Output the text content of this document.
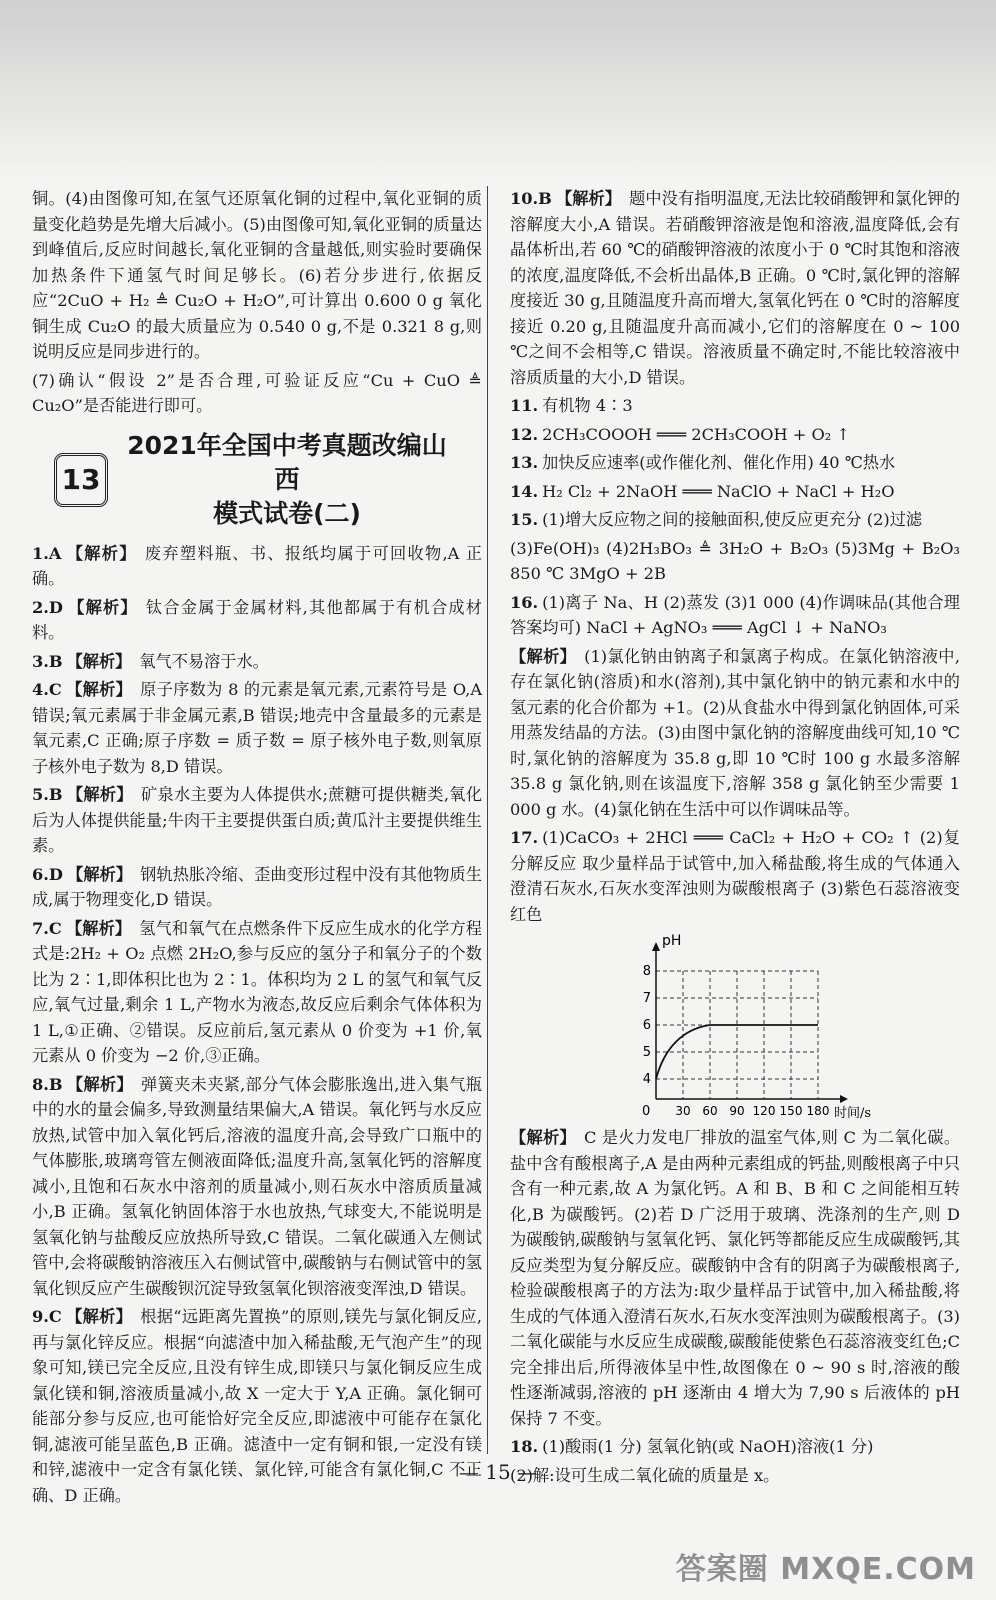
铜。(4)由图像可知,在氢气还原氧化铜的过程中,氧化亚铜的质量变化趋势是先增大后减小。(5)由图像可知,氧化亚铜的质量达到峰值后,反应时间越长,氧化亚铜的含量越低,则实验时要确保加热条件下通氢气时间足够长。(6)若分步进行,依据反应“2CuO + H₂ ≜ Cu₂O + H₂O”,可计算出 0.600 0 g 氧化铜生成 Cu₂O 的最大质量应为 0.540 0 g,不是 0.321 8 g,则说明反应是同步进行的。

(7)确认“假设 2”是否合理,可验证反应“Cu + CuO ≜ Cu₂O”是否能进行即可。

13
2021年全国中考真题改编山西
模式试卷(二)

1.A 【解析】 废弃塑料瓶、书、报纸均属于可回收物,A 正确。

2.D 【解析】 钛合金属于金属材料,其他都属于有机合成材料。

3.B 【解析】 氧气不易溶于水。

4.C 【解析】 原子序数为 8 的元素是氧元素,元素符号是 O,A 错误;氧元素属于非金属元素,B 错误;地壳中含量最多的元素是氧元素,C 正确;原子序数 = 质子数 = 原子核外电子数,则氧原子核外电子数为 8,D 错误。

5.B 【解析】 矿泉水主要为人体提供水;蔗糖可提供糖类,氧化后为人体提供能量;牛肉干主要提供蛋白质;黄瓜汁主要提供维生素。

6.D 【解析】 钢轨热胀冷缩、歪曲变形过程中没有其他物质生成,属于物理变化,D 错误。

7.C 【解析】 氢气和氧气在点燃条件下反应生成水的化学方程式是:2H₂ + O₂ 点燃 2H₂O,参与反应的氢分子和氧分子的个数比为 2∶1,即体积比也为 2∶1。体积均为 2 L 的氢气和氧气反应,氧气过量,剩余 1 L,产物水为液态,故反应后剩余气体体积为 1 L,①正确、②错误。反应前后,氢元素从 0 价变为 +1 价,氧元素从 0 价变为 −2 价,③正确。

8.B 【解析】 弹簧夹未夹紧,部分气体会膨胀逸出,进入集气瓶中的水的量会偏多,导致测量结果偏大,A 错误。氧化钙与水反应放热,试管中加入氧化钙后,溶液的温度升高,会导致广口瓶中的气体膨胀,玻璃弯管左侧液面降低;温度升高,氢氧化钙的溶解度减小,且饱和石灰水中溶剂的质量减小,则石灰水中溶质质量减小,B 正确。氢氧化钠固体溶于水也放热,气球变大,不能说明是氢氧化钠与盐酸反应放热所导致,C 错误。二氧化碳通入左侧试管中,会将碳酸钠溶液压入右侧试管中,碳酸钠与右侧试管中的氢氧化钡反应产生碳酸钡沉淀导致氢氧化钡溶液变浑浊,D 错误。

9.C 【解析】 根据“远距离先置换”的原则,镁先与氯化铜反应,再与氯化锌反应。根据“向滤渣中加入稀盐酸,无气泡产生”的现象可知,镁已完全反应,且没有锌生成,即镁只与氯化铜反应生成氯化镁和铜,溶液质量减小,故 X 一定大于 Y,A 正确。氯化铜可能部分参与反应,也可能恰好完全反应,即滤液中可能存在氯化铜,滤液可能呈蓝色,B 正确。滤渣中一定有铜和银,一定没有镁和锌,滤液中一定含有氯化镁、氯化锌,可能含有氯化铜,C 不正确、D 正确。

10.B 【解析】 题中没有指明温度,无法比较硝酸钾和氯化钾的溶解度大小,A 错误。若硝酸钾溶液是饱和溶液,温度降低,会有晶体析出,若 60 ℃的硝酸钾溶液的浓度小于 0 ℃时其饱和溶液的浓度,温度降低,不会析出晶体,B 正确。0 ℃时,氯化钾的溶解度接近 30 g,且随温度升高而增大,氢氧化钙在 0 ℃时的溶解度接近 0.20 g,且随温度升高而减小,它们的溶解度在 0 ~ 100 ℃之间不会相等,C 错误。溶液质量不确定时,不能比较溶液中溶质质量的大小,D 错误。

11. 有机物 4∶3

12. 2CH₃COOOH ═══ 2CH₃COOH + O₂ ↑

13. 加快反应速率(或作催化剂、催化作用) 40 ℃热水

14. H₂ Cl₂ + 2NaOH ═══ NaClO + NaCl + H₂O

15. (1)增大反应物之间的接触面积,使反应更充分 (2)过滤

(3)Fe(OH)₃ (4)2H₃BO₃ ≜ 3H₂O + B₂O₃ (5)3Mg + B₂O₃ 850 ℃ 3MgO + 2B

16. (1)离子 Na、H (2)蒸发 (3)1 000 (4)作调味品(其他合理答案均可) NaCl + AgNO₃ ═══ AgCl ↓ + NaNO₃

【解析】 (1)氯化钠由钠离子和氯离子构成。在氯化钠溶液中,存在氯化钠(溶质)和水(溶剂),其中氯化钠中的钠元素和水中的氢元素的化合价都为 +1。(2)从食盐水中得到氯化钠固体,可采用蒸发结晶的方法。(3)由图中氯化钠的溶解度曲线可知,10 ℃时,氯化钠的溶解度为 35.8 g,即 10 ℃时 100 g 水最多溶解 35.8 g 氯化钠,则在该温度下,溶解 358 g 氯化钠至少需要 1 000 g 水。(4)氯化钠在生活中可以作调味品等。

17. (1)CaCO₃ + 2HCl ═══ CaCl₂ + H₂O + CO₂ ↑ (2)复分解反应 取少量样品于试管中,加入稀盐酸,将生成的气体通入澄清石灰水,石灰水变浑浊则为碳酸根离子 (3)紫色石蕊溶液变红色

pH
时间/s
0
4
5
6
7
8
30 60 90 120 150 180

【解析】 C 是火力发电厂排放的温室气体,则 C 为二氧化碳。盐中含有酸根离子,A 是由两种元素组成的钙盐,则酸根离子中只含有一种元素,故 A 为氯化钙。A 和 B、B 和 C 之间能相互转化,B 为碳酸钙。(2)若 D 广泛用于玻璃、洗涤剂的生产,则 D 为碳酸钠,碳酸钠与氢氧化钙、氯化钙等都能反应生成碳酸钙,其反应类型为复分解反应。碳酸钠中含有的阴离子为碳酸根离子,检验碳酸根离子的方法为:取少量样品于试管中,加入稀盐酸,将生成的气体通入澄清石灰水,石灰水变浑浊则为碳酸根离子。(3)二氧化碳能与水反应生成碳酸,碳酸能使紫色石蕊溶液变红色;C 完全排出后,所得液体呈中性,故图像在 0 ~ 90 s 时,溶液的酸性逐渐减弱,溶液的 pH 逐渐由 4 增大为 7,90 s 后液体的 pH 保持 7 不变。

18. (1)酸雨(1 分) 氢氧化钠(或 NaOH)溶液(1 分)

(2)解:设可生成二氧化硫的质量是 x。

— 15 —
答案圈 MXQE.COM
